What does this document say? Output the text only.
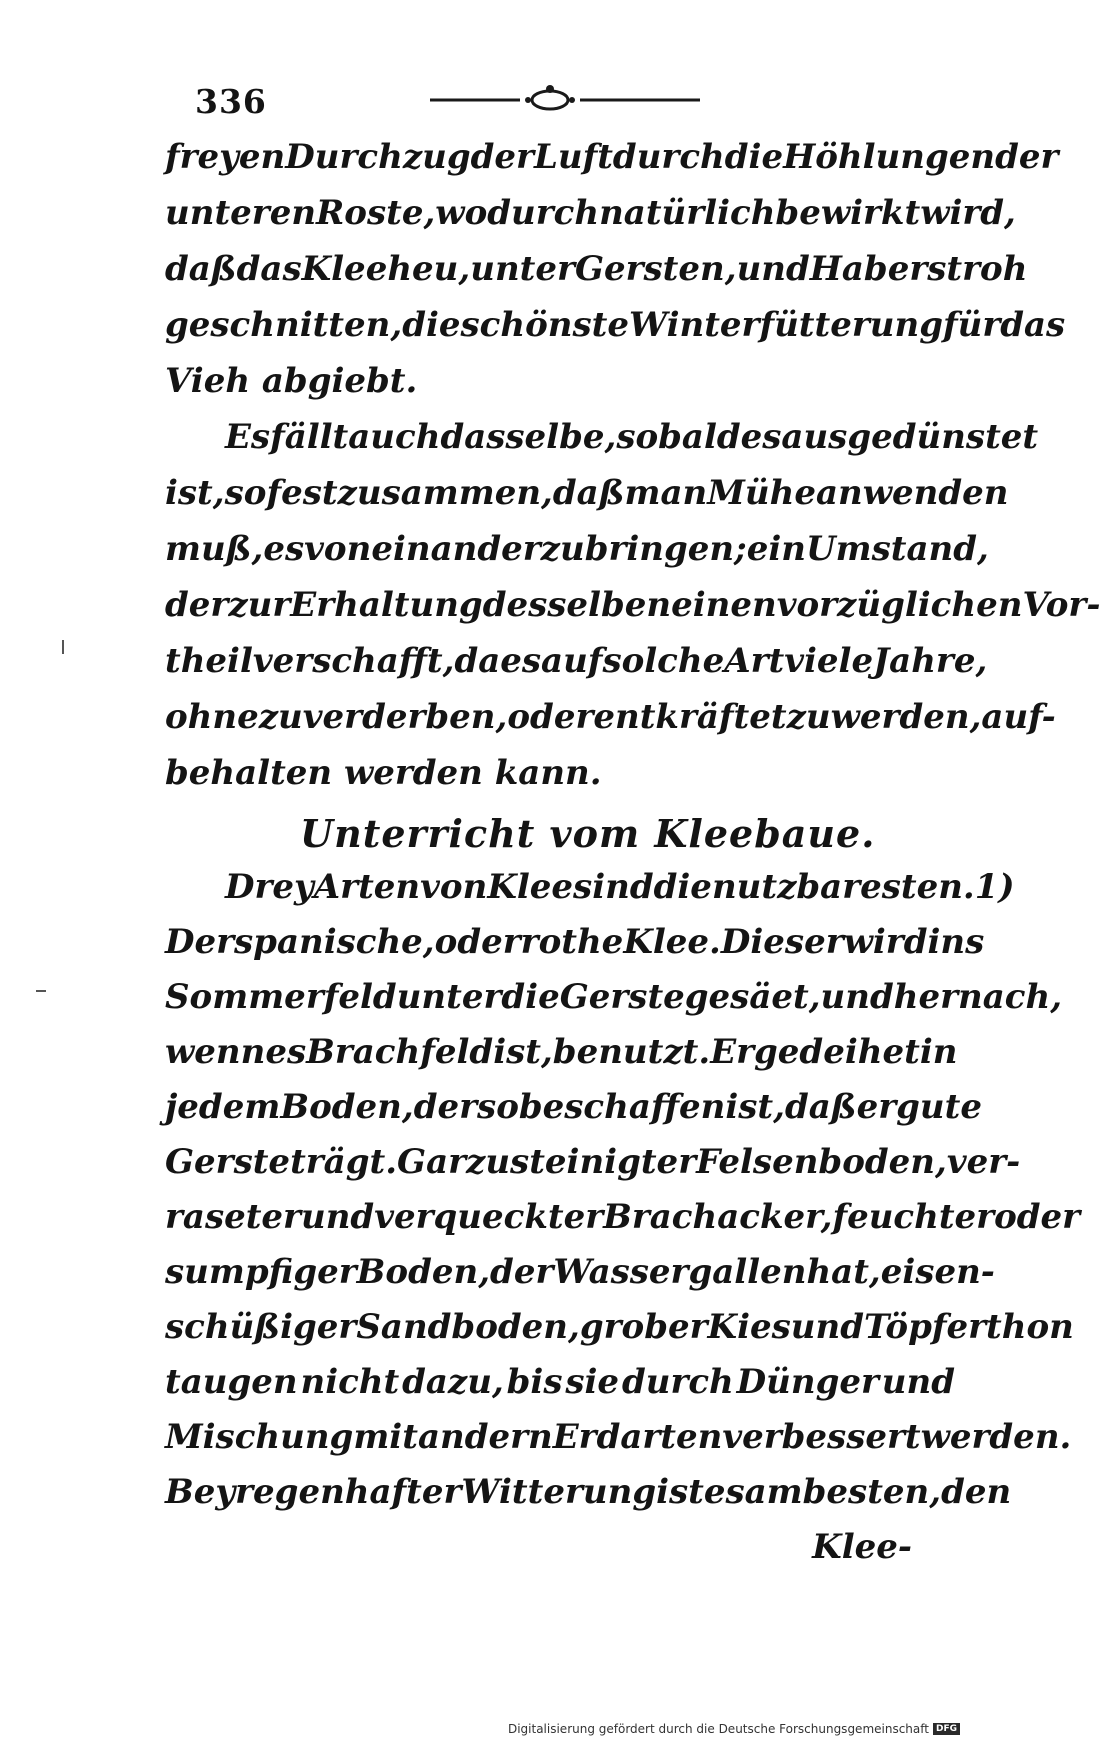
336
freyen Durchzug der Luft durch die Höhlungen der
unteren Roste, wodurch natürlich bewirkt wird,
daß das Kleeheu, unter Gersten, und Haberstroh
geschnitten, die schönste Winterfütterung für das
Vieh abgiebt.
Es fällt auch dasselbe, sobald es ausgedünstet
ist, so fest zusammen, daß man Mühe anwenden
muß, es von einander zu bringen; ein Umstand,
der zur Erhaltung desselben einen vorzüglichen Vor-
theil verschafft, da es auf solche Art viele Jahre,
ohne zu verderben, oder entkräftet zu werden, auf-
behalten werden kann.
Unterricht vom Kleebaue.
Drey Arten von Klee sind die nutzbaresten. 1)
Der spanische, oder rothe Klee. Dieser wird ins
Sommerfeld unter die Gerste gesäet, und hernach,
wenn es Brachfeld ist, benutzt. Er gedeihet in
jedem Boden, der so beschaffen ist, daß er gute
Gerste trägt. Gar zu steinigter Felsenboden, ver-
raseter und verqueckter Brachacker, feuchter oder
sumpfiger Boden, der Wassergallen hat, eisen-
schüßiger Sandboden, grober Kies und Töpferthon
taugen nicht dazu, bis sie durch Dünger und
Mischung mit andern Erdarten verbessert werden.
Bey regenhafter Witterung ist es am besten, den
Klee-
Digitalisierung gefördert durch die Deutsche Forschungsgemeinschaft DFG
